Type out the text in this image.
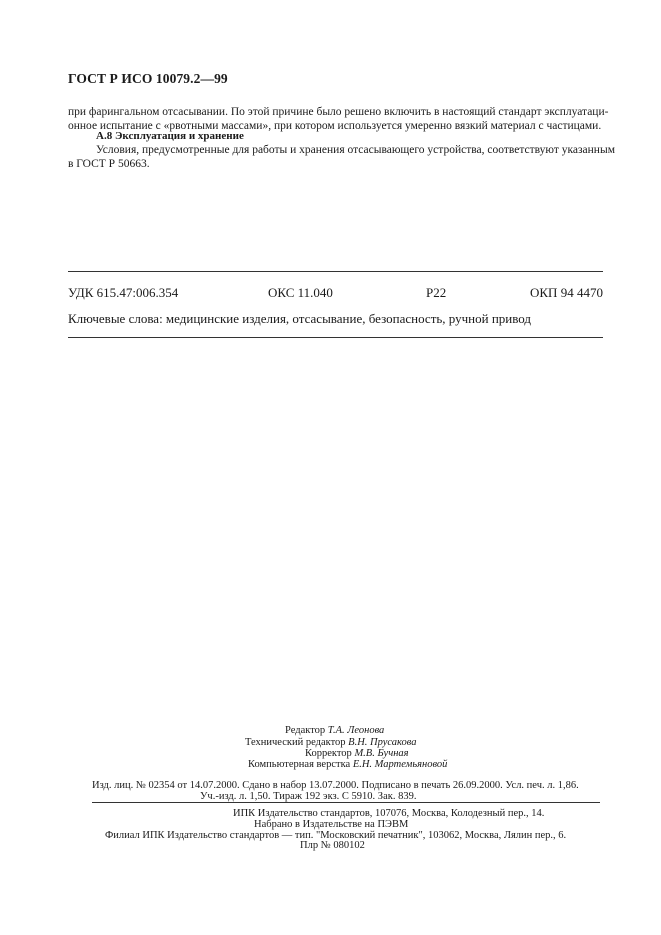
ГОСТ Р ИСО 10079.2—99
при фарингальном отсасывании. По этой причине было решено включить в настоящий стандарт эксплуатаци-
онное испытание с «рвотными массами», при котором используется умеренно вязкий материал с частицами.
А.8 Эксплуатация и хранение
Условия, предусмотренные для работы и хранения отсасывающего устройства, соответствуют указанным
в ГОСТ Р 50663.
УДК 615.47:006.354	ОКС 11.040	Р22	ОКП 94 4470
Ключевые слова: медицинские изделия, отсасывание, безопасность, ручной привод
Редактор Т.А. Леонова
Технический редактор В.Н. Прусакова
Корректор М.В. Бучная
Компьютерная верстка Е.Н. Мартемьяновой
Изд. лиц. № 02354 от 14.07.2000. Сдано в набор 13.07.2000. Подписано в печать 26.09.2000. Усл. печ. л. 1,86.
Уч.-изд. л. 1,50. Тираж 192 экз. С 5910. Зак. 839.
ИПК Издательство стандартов, 107076, Москва, Колодезный пер., 14.
Набрано в Издательстве на ПЭВМ
Филиал ИПК Издательство стандартов — тип. "Московский печатник", 103062, Москва, Лялин пер., 6.
Плр № 080102
